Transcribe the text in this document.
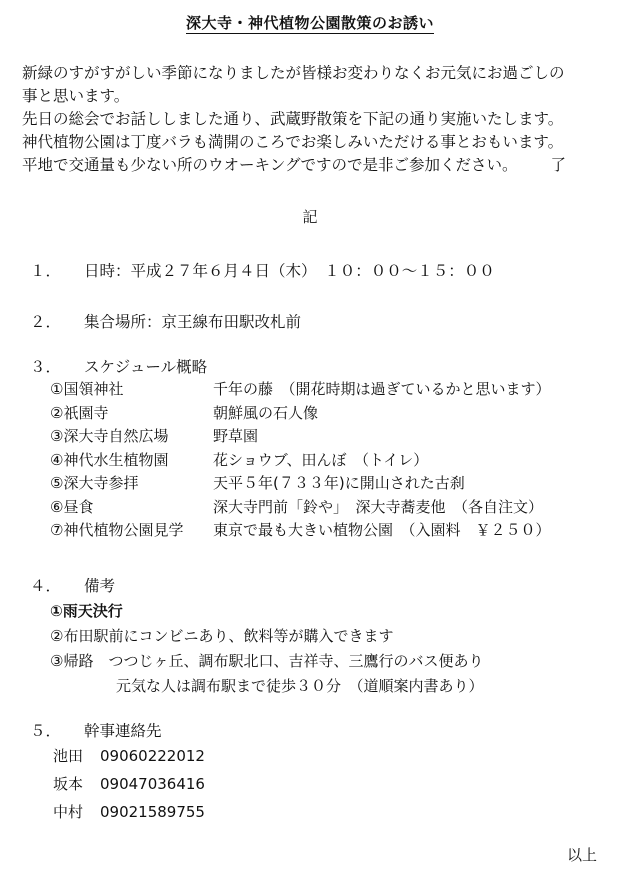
深大寺・神代植物公園散策のお誘い
新緑のすがすがしい季節になりましたが皆様お変わりなくお元気にお過ごしの
事と思います。
先日の総会でお話ししました通り、武蔵野散策を下記の通り実施いたします。
神代植物公園は丁度バラも満開のころでお楽しみいただける事とおもいます。
平地で交通量も少ない所のウオーキングですので是非ご参加ください。 了
記
１． 日時：平成２７年６月４日（木）　１０：００～１５：００
２． 集合場所：京王線布田駅改札前
３． スケジュール概略
①国領神社	千年の藤　（開花時期は過ぎているかと思います）
②祇園寺	朝鮮風の石人像
③深大寺自然広場	野草園
④神代水生植物園	花ショウブ、田んぼ　（トイレ）
⑤深大寺参拝	天平５年(７３３年)に開山された古刹
⑥昼食	深大寺門前「鈴や」　深大寺蕎麦他　（各自注文）
⑦神代植物公園見学 東京で最も大きい植物公園　（入園料　￥２５０）
４． 備考
①雨天決行
②布田駅前にコンビニあり、飲料等が購入できます
③帰路　つつじヶ丘、調布駅北口、吉祥寺、三鷹行のバス便あり
元気な人は調布駅まで徒歩３０分　（道順案内書あり）
５． 幹事連絡先
池田 09060222012
坂本 09047036416
中村 09021589755
以上
